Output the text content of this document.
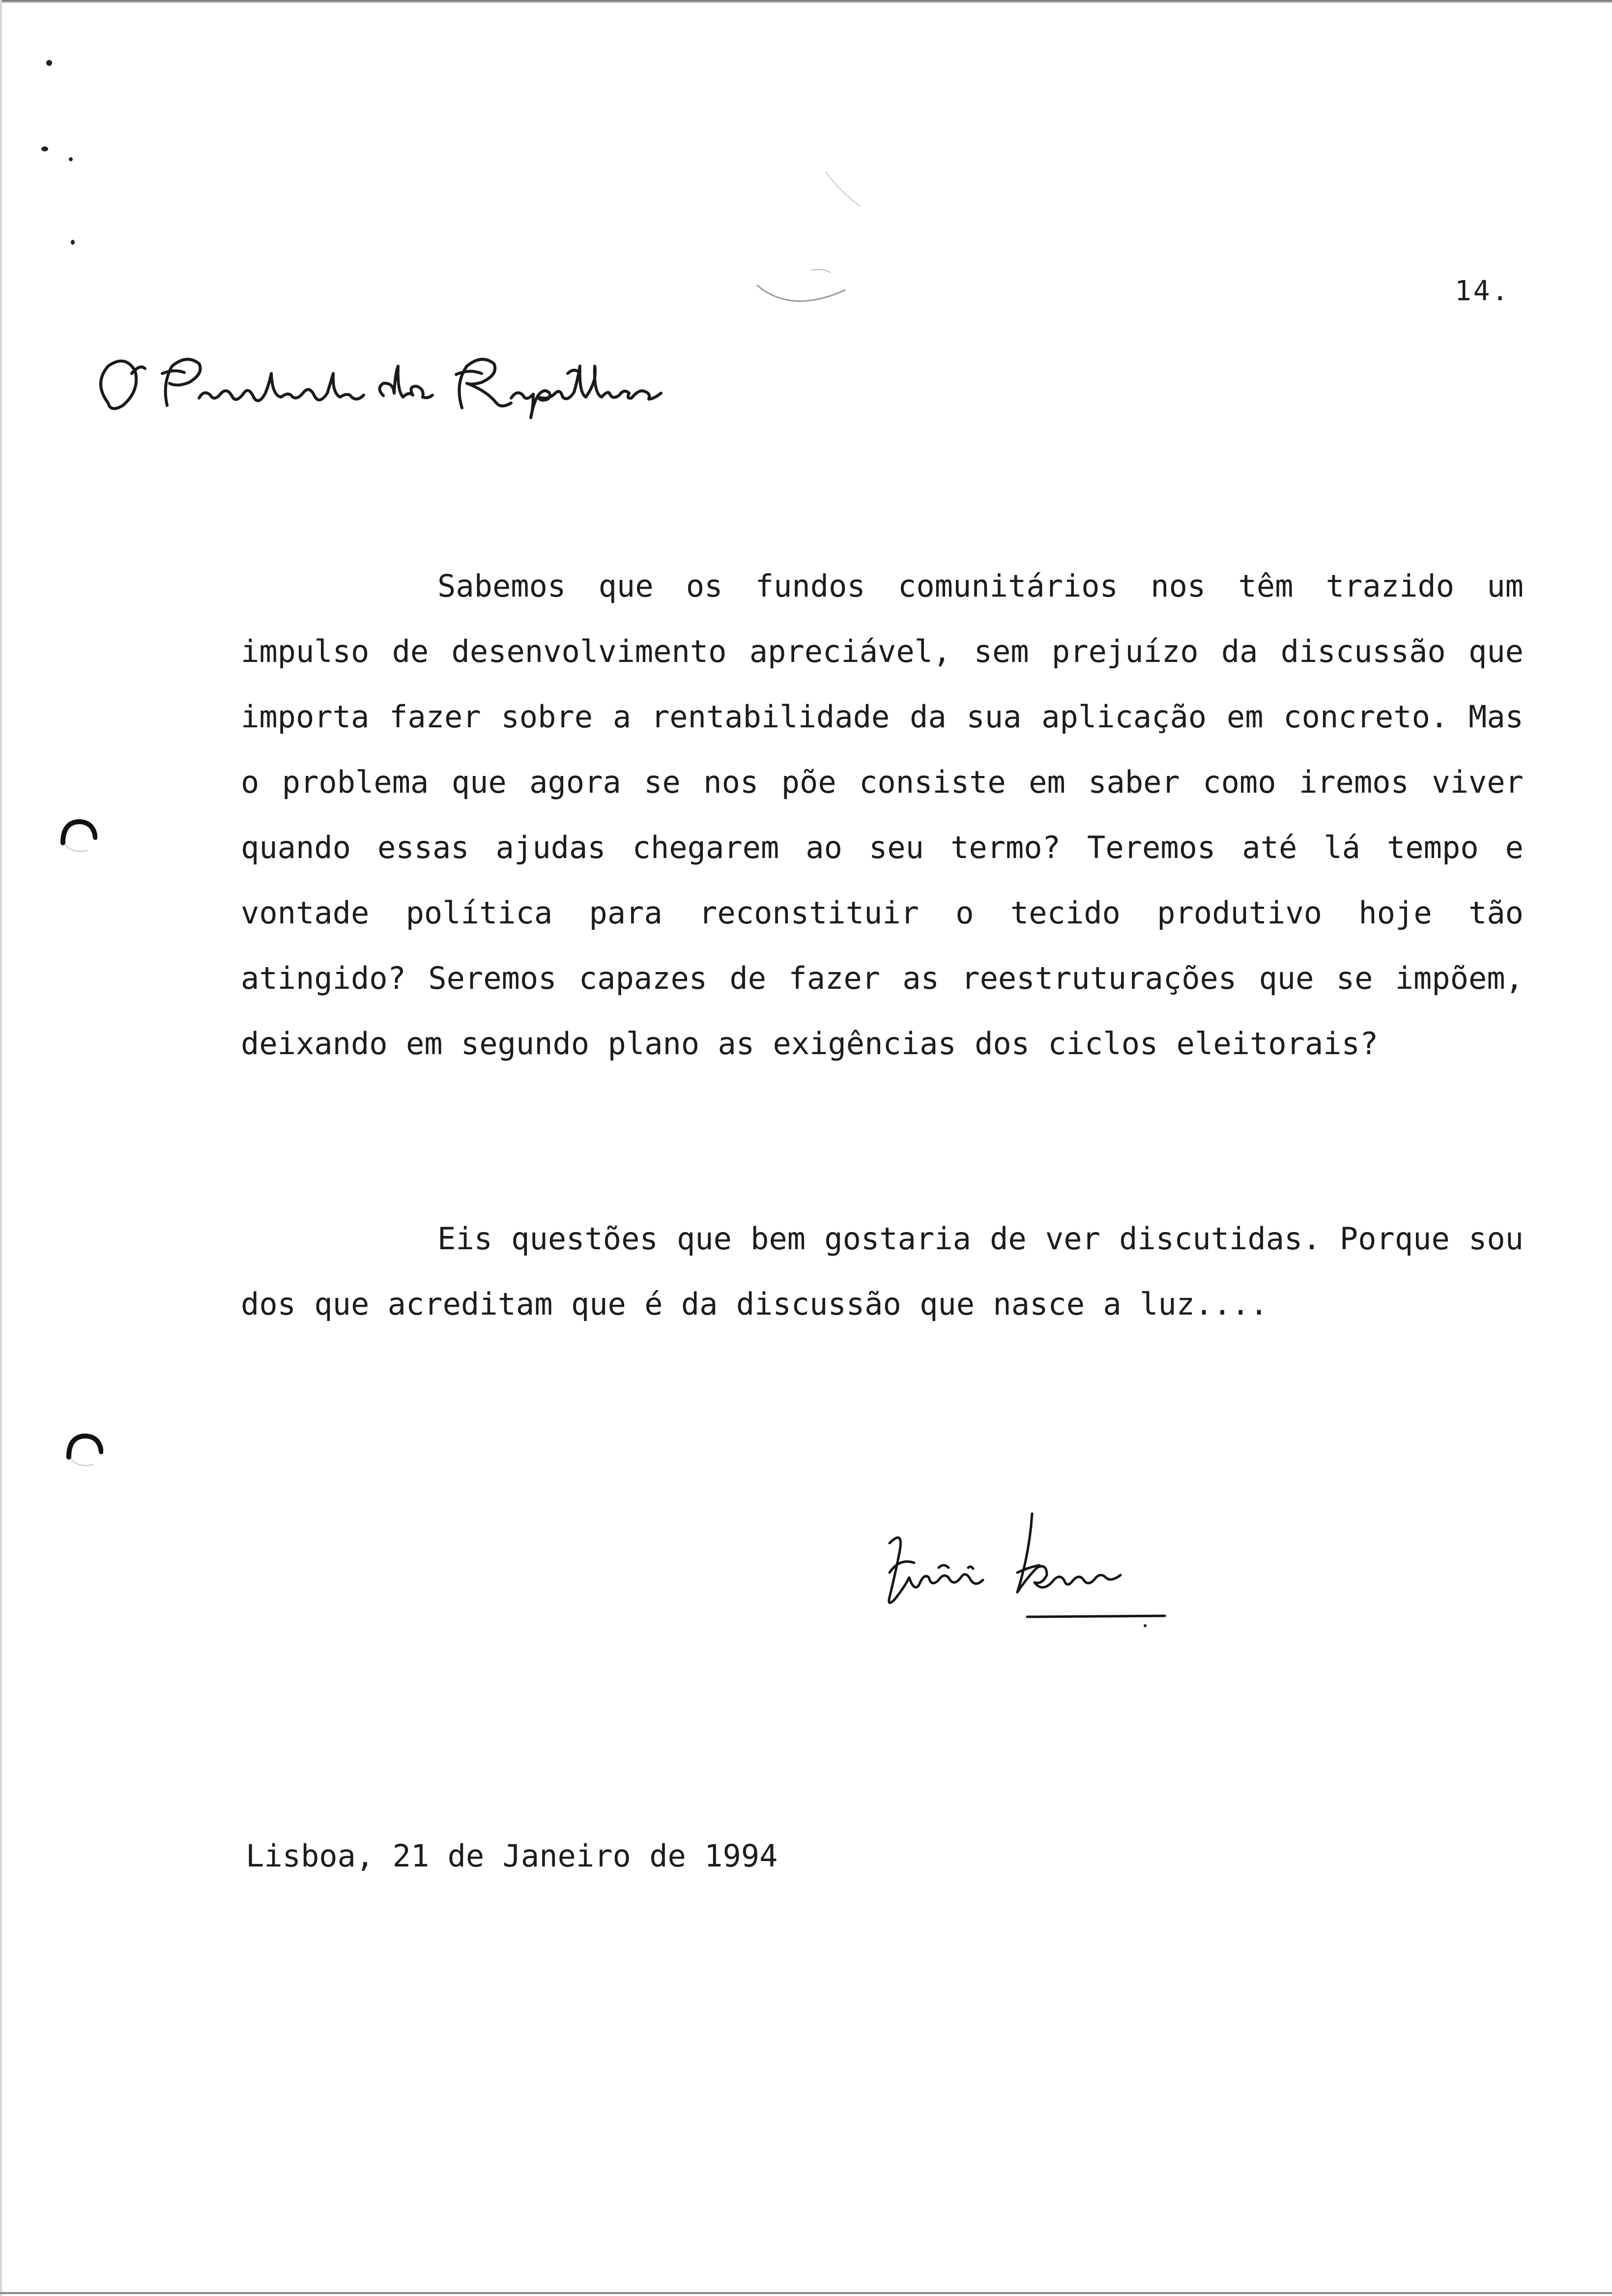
14.

Sabemos que os fundos comunitários nos têm trazido um impulso de desenvolvimento apreciável, sem prejuízo da discussão que importa fazer sobre a rentabilidade da sua aplicação em concreto. Mas o problema que agora se nos põe consiste em saber como iremos viver quando essas ajudas chegarem ao seu termo? Teremos até lá tempo e vontade política para reconstituir o tecido produtivo hoje tão atingido? Seremos capazes de fazer as reestruturações que se impõem, deixando em segundo plano as exigências dos ciclos eleitorais?

Eis questões que bem gostaria de ver discutidas. Porque sou dos que acreditam que é da discussão que nasce a luz....

Lisboa, 21 de Janeiro de 1994
